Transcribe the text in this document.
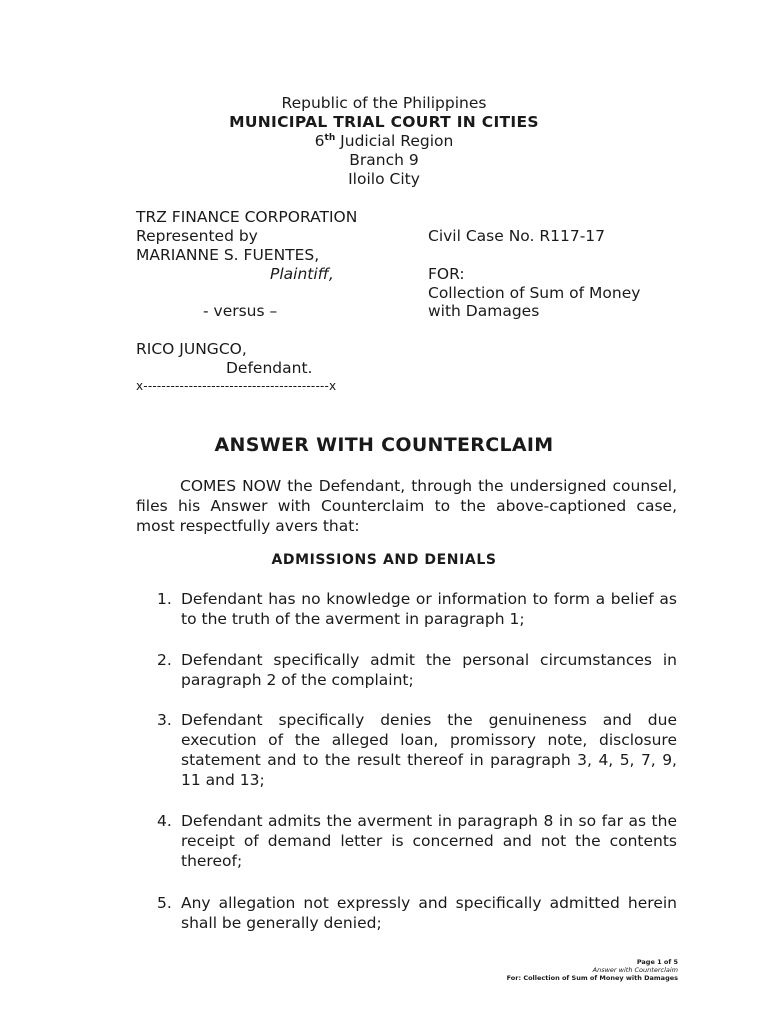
Republic of the Philippines
MUNICIPAL TRIAL COURT IN CITIES
6th Judicial Region
Branch 9
Iloilo City
TRZ FINANCE CORPORATION
Represented by
MARIANNE S. FUENTES,
Plaintiff,
- versus –
RICO JUNGCO,
Defendant.
x-----------------------------------------x
Civil Case No. R117-17
FOR:
Collection of Sum of Money
with Damages
ANSWER WITH COUNTERCLAIM
COMES NOW the Defendant, through the undersigned counsel, files his Answer with Counterclaim to the above-captioned case, most respectfully avers that:
ADMISSIONS AND DENIALS
1. Defendant has no knowledge or information to form a belief as to the truth of the averment in paragraph 1;
2. Defendant specifically admit the personal circumstances in paragraph 2 of the complaint;
3. Defendant specifically denies the genuineness and due execution of the alleged loan, promissory note, disclosure statement and to the result thereof in paragraph 3, 4, 5, 7, 9, 11 and 13;
4. Defendant admits the averment in paragraph 8 in so far as the receipt of demand letter is concerned and not the contents thereof;
5. Any allegation not expressly and specifically admitted herein shall be generally denied;
Page 1 of 5
Answer with Counterclaim
For: Collection of Sum of Money with Damages
